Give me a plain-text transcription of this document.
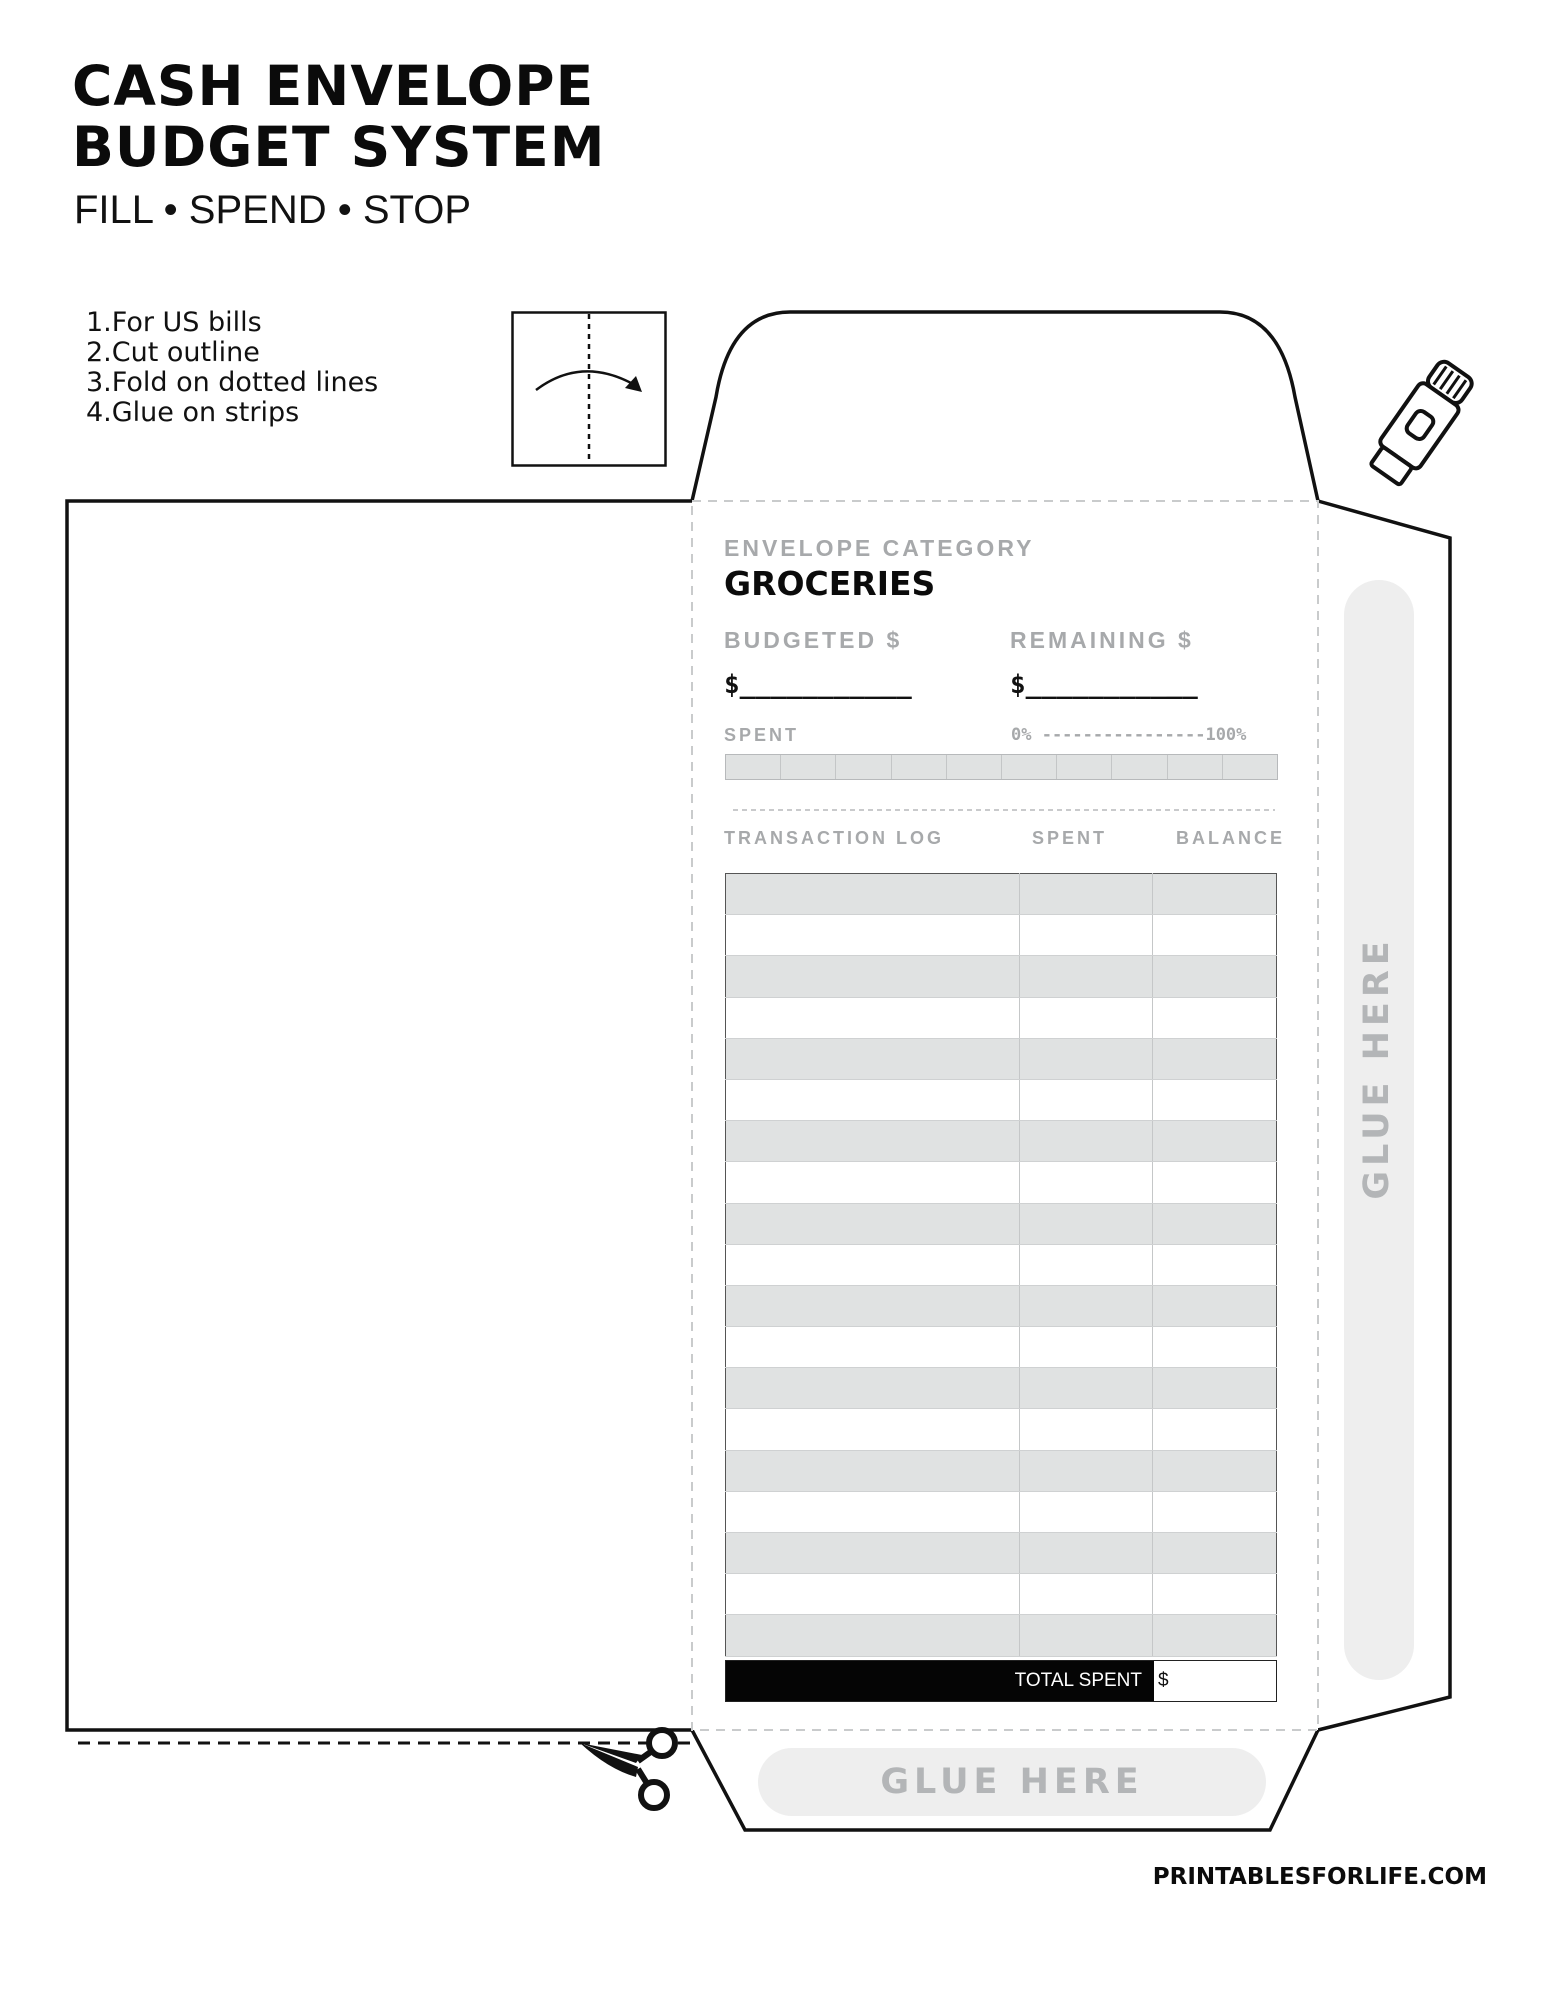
CASH ENVELOPE
BUDGET SYSTEM
FILL • SPEND • STOP
1.For US bills
2.Cut outline
3.Fold on dotted lines
4.Glue on strips
ENVELOPE CATEGORY
GROCERIES
BUDGETED $
$___________
REMAINING $
$___________
SPENT	0% ----------------100%
TRANSACTION LOG	SPENT	BALANCE

TOTAL SPENT $
GLUE HERE
GLUE HERE
PRINTABLESFORLIFE.COM
